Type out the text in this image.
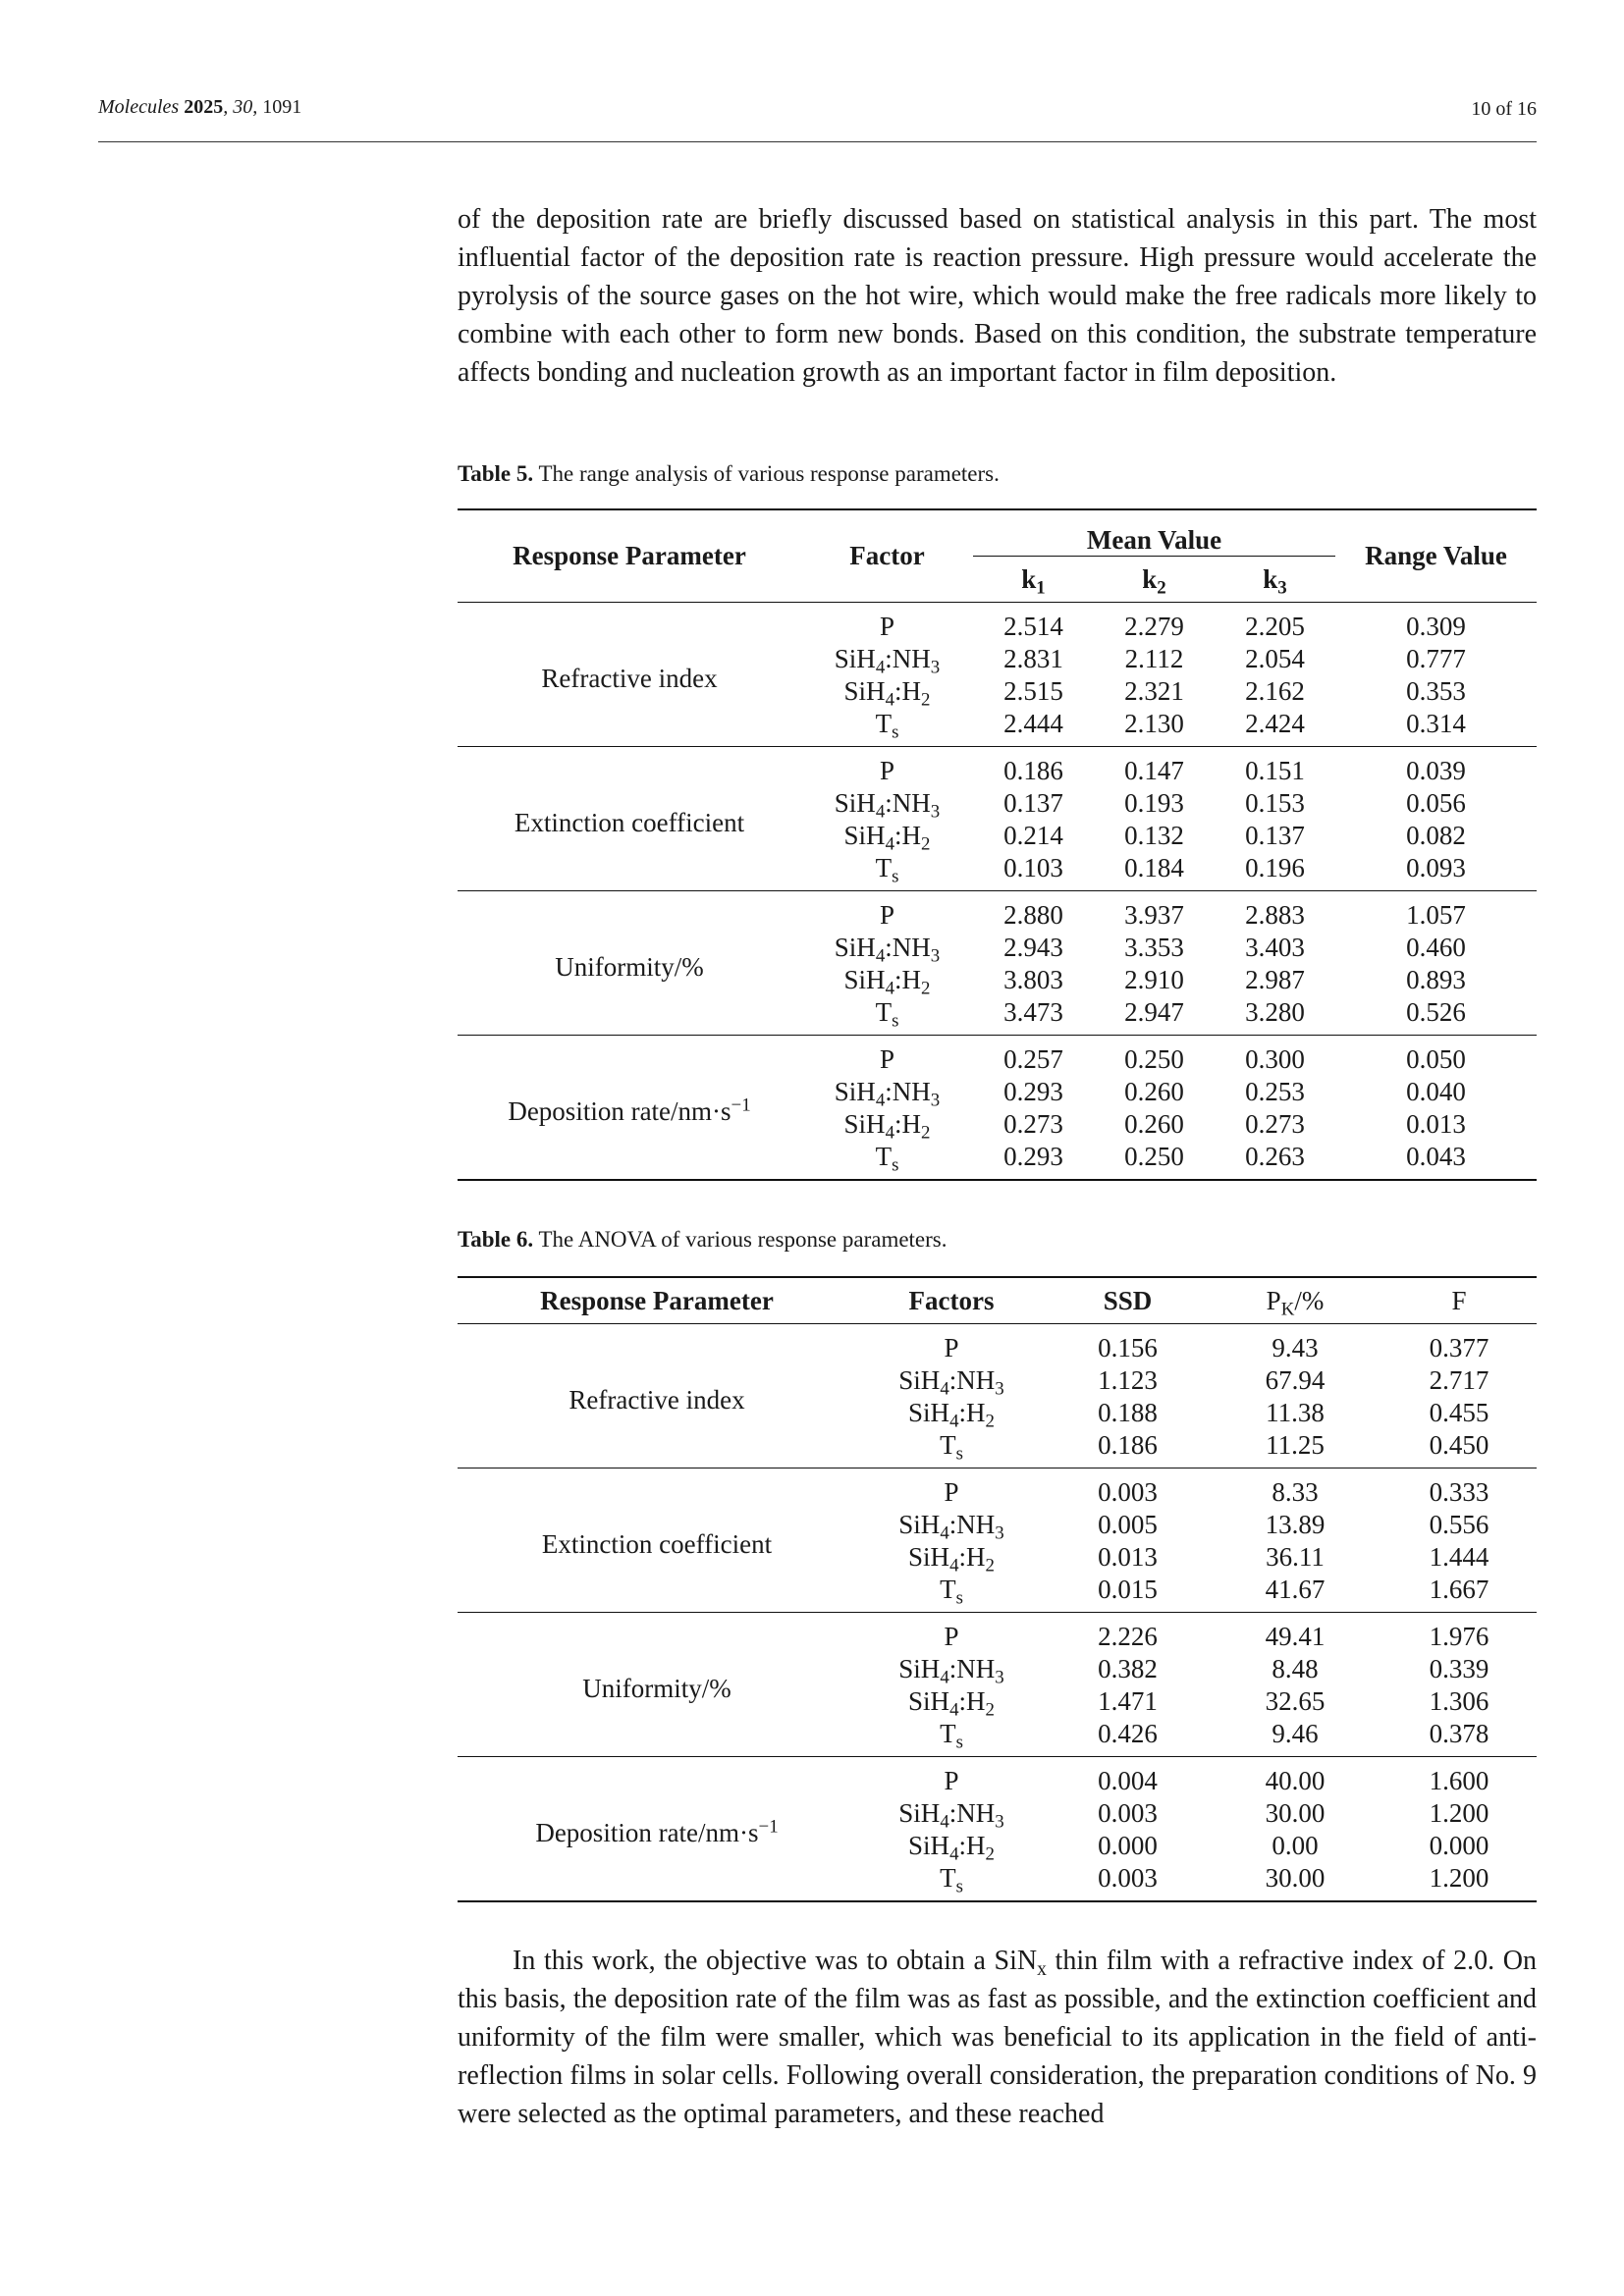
Molecules 2025, 30, 1091	10 of 16

of the deposition rate are briefly discussed based on statistical analysis in this part. The most influential factor of the deposition rate is reaction pressure. High pressure would accelerate the pyrolysis of the source gases on the hot wire, which would make the free radicals more likely to combine with each other to form new bonds. Based on this condition, the substrate temperature affects bonding and nucleation growth as an important factor in film deposition.

Table 5. The range analysis of various response parameters.
Response Parameter	Factor	Mean Value			Range Value
		$k_1$	$k_2$	$k_3$

Refractive index	P	2.514	2.279	2.205	0.309
	$SiH_4:NH_3$	2.831	2.112	2.054	0.777
	$SiH_4:H_2$	2.515	2.321	2.162	0.353
	$T_s$	2.444	2.130	2.424	0.314
Extinction coefficient	P	0.186	0.147	0.151	0.039
	$SiH_4:NH_3$	0.137	0.193	0.153	0.056
	$SiH_4:H_2$	0.214	0.132	0.137	0.082
	$T_s$	0.103	0.184	0.196	0.093
Uniformity/%	P	2.880	3.937	2.883	1.057
	$SiH_4:NH_3$	2.943	3.353	3.403	0.460
	$SiH_4:H_2$	3.803	2.910	2.987	0.893
	$T_s$	3.473	2.947	3.280	0.526
Deposition rate/$nm\cdot s^{-1}$	P	0.257	0.250	0.300	0.050
	$SiH_4:NH_3$	0.293	0.260	0.253	0.040
	$SiH_4:H_2$	0.273	0.260	0.273	0.013
	$T_s$	0.293	0.250	0.263	0.043
Table 6. The ANOVA of various response parameters.
Response Parameter	Factors	SSD	$P_K/\%$	F

Refractive index	P	0.156	9.43	0.377
	$SiH_4:NH_3$	1.123	67.94	2.717
	$SiH_4:H_2$	0.188	11.38	0.455
	$T_s$	0.186	11.25	0.450
Extinction coefficient	P	0.003	8.33	0.333
	$SiH_4:NH_3$	0.005	13.89	0.556
	$SiH_4:H_2$	0.013	36.11	1.444
	$T_s$	0.015	41.67	1.667
Uniformity/%	P	2.226	49.41	1.976
	$SiH_4:NH_3$	0.382	8.48	0.339
	$SiH_4:H_2$	1.471	32.65	1.306
	$T_s$	0.426	9.46	0.378
Deposition rate/$nm\cdot s^{-1}$	P	0.004	40.00	1.600
	$SiH_4:NH_3$	0.003	30.00	1.200
	$SiH_4:H_2$	0.000	0.00	0.000
	$T_s$	0.003	30.00	1.200

In this work, the objective was to obtain a SiN$_x$ thin film with a refractive index of 2.0. On this basis, the deposition rate of the film was as fast as possible, and the extinction coefficient and uniformity of the film were smaller, which was beneficial to its application in the field of anti-reflection films in solar cells. Following overall consideration, the preparation conditions of No. 9 were selected as the optimal parameters, and these reached
